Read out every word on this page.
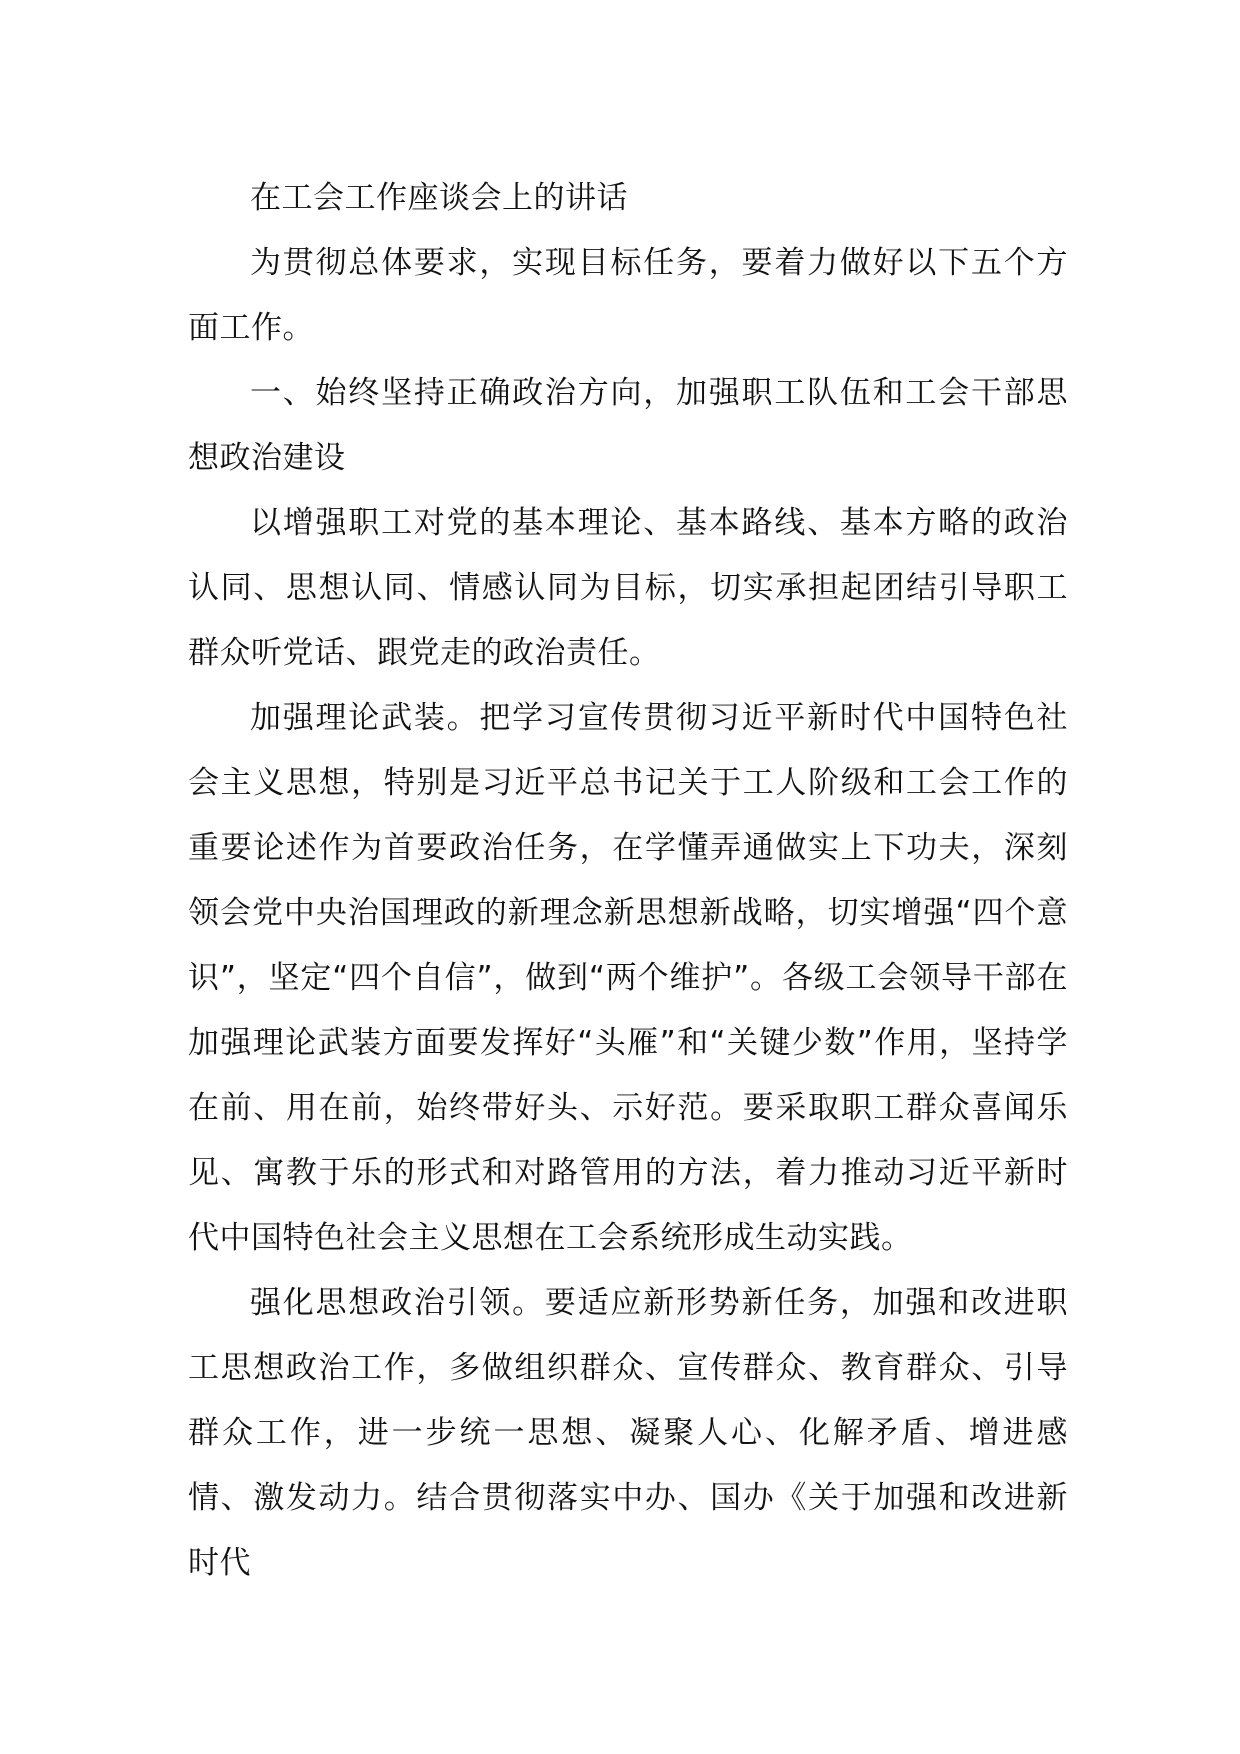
在工会工作座谈会上的讲话

为贯彻总体要求，实现目标任务，要着力做好以下五个方面工作。

一、始终坚持正确政治方向，加强职工队伍和工会干部思想政治建设

以增强职工对党的基本理论、基本路线、基本方略的政治认同、思想认同、情感认同为目标，切实承担起团结引导职工群众听党话、跟党走的政治责任。

加强理论武装。把学习宣传贯彻习近平新时代中国特色社会主义思想，特别是习近平总书记关于工人阶级和工会工作的重要论述作为首要政治任务，在学懂弄通做实上下功夫，深刻领会党中央治国理政的新理念新思想新战略，切实增强“四个意识”，坚定“四个自信”，做到“两个维护”。各级工会领导干部在加强理论武装方面要发挥好“头雁”和“关键少数”作用，坚持学在前、用在前，始终带好头、示好范。要采取职工群众喜闻乐见、寓教于乐的形式和对路管用的方法，着力推动习近平新时代中国特色社会主义思想在工会系统形成生动实践。

强化思想政治引领。要适应新形势新任务，加强和改进职工思想政治工作，多做组织群众、宣传群众、教育群众、引导群众工作，进一步统一思想、凝聚人心、化解矛盾、增进感情、激发动力。结合贯彻落实中办、国办《关于加强和改进新时代
